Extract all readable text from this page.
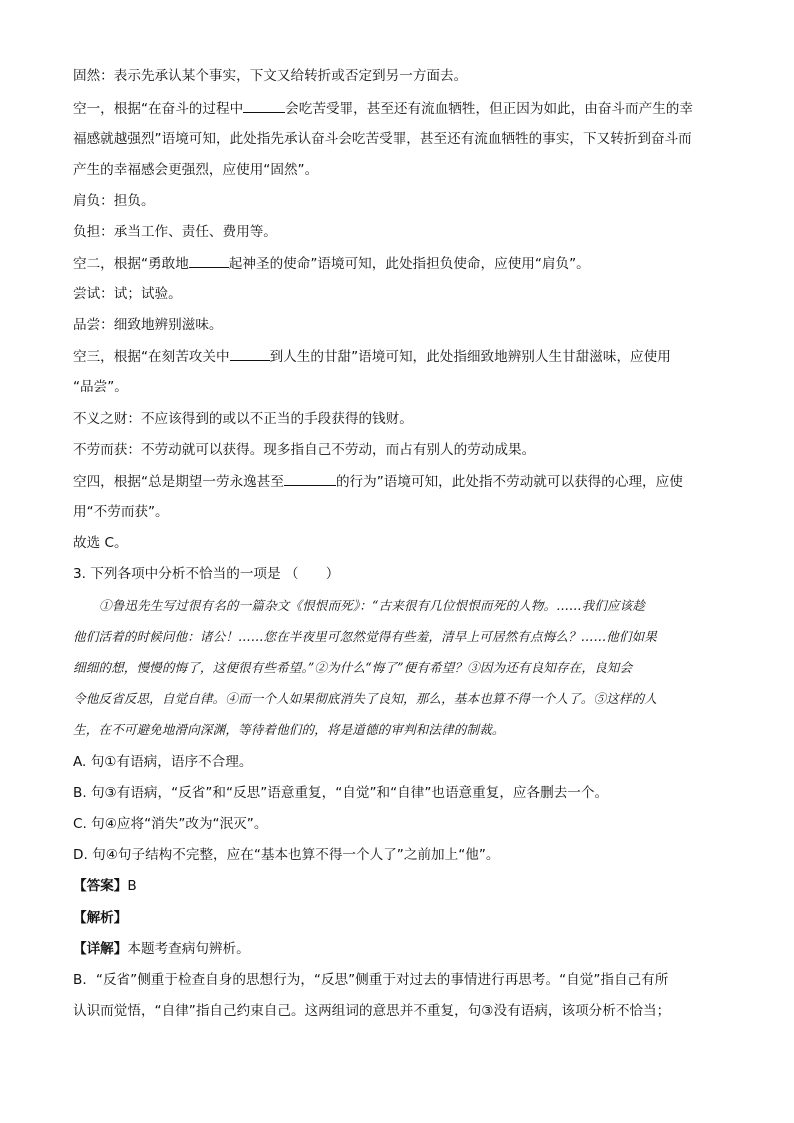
固然：表示先承认某个事实，下文又给转折或否定到另一方面去。
空一，根据“在奋斗的过程中	会吃苦受罪，甚至还有流血牺牲，但正因为如此，由奋斗而产生的幸
福感就越强烈”语境可知，此处指先承认奋斗会吃苦受罪，甚至还有流血牺牲的事实，下又转折到奋斗而
产生的幸福感会更强烈，应使用“固然”。
肩负：担负。
负担：承当工作、责任、费用等。
空二，根据“勇敢地	起神圣的使命”语境可知，此处指担负使命，应使用“肩负”。
尝试：试；试验。
品尝：细致地辨别滋味。
空三，根据“在刻苦攻关中	到人生的甘甜”语境可知，此处指细致地辨别人生甘甜滋味，应使用
“品尝”。
不义之财：不应该得到的或以不正当的手段获得的钱财。
不劳而获：不劳动就可以获得。现多指自己不劳动，而占有别人的劳动成果。
空四，根据“总是期望一劳永逸甚至	的行为”语境可知，此处指不劳动就可以获得的心理，应使
用“不劳而获”。
故选 C。
3. 下列各项中分析不恰当的一项是 （　　）
①鲁迅先生写过很有名的一篇杂文《恨恨而死》：“古来很有几位恨恨而死的人物。……我们应该趁
他们活着的时候问他：诸公！……您在半夜里可忽然觉得有些羞，清早上可居然有点悔么？……他们如果
细细的想，慢慢的悔了，这便很有些希望。”②为什么“悔了”便有希望？③因为还有良知存在，良知会
令他反省反思，自觉自律。④而一个人如果彻底消失了良知，那么，基本也算不得一个人了。⑤这样的人
生，在不可避免地滑向深渊，等待着他们的，将是道德的审判和法律的制裁。
A. 句①有语病，语序不合理。
B. 句③有语病，“反省”和“反思”语意重复，“自觉”和“自律”也语意重复，应各删去一个。
C. 句④应将“消失”改为“泯灭”。
D. 句④句子结构不完整，应在“基本也算不得一个人了”之前加上“他”。
【答案】B
【解析】
【详解】本题考查病句辨析。
B．“反省”侧重于检查自身的思想行为，“反思”侧重于对过去的事情进行再思考。“自觉”指自己有所
认识而觉悟，“自律”指自己约束自己。这两组词的意思并不重复，句③没有语病，该项分析不恰当；
